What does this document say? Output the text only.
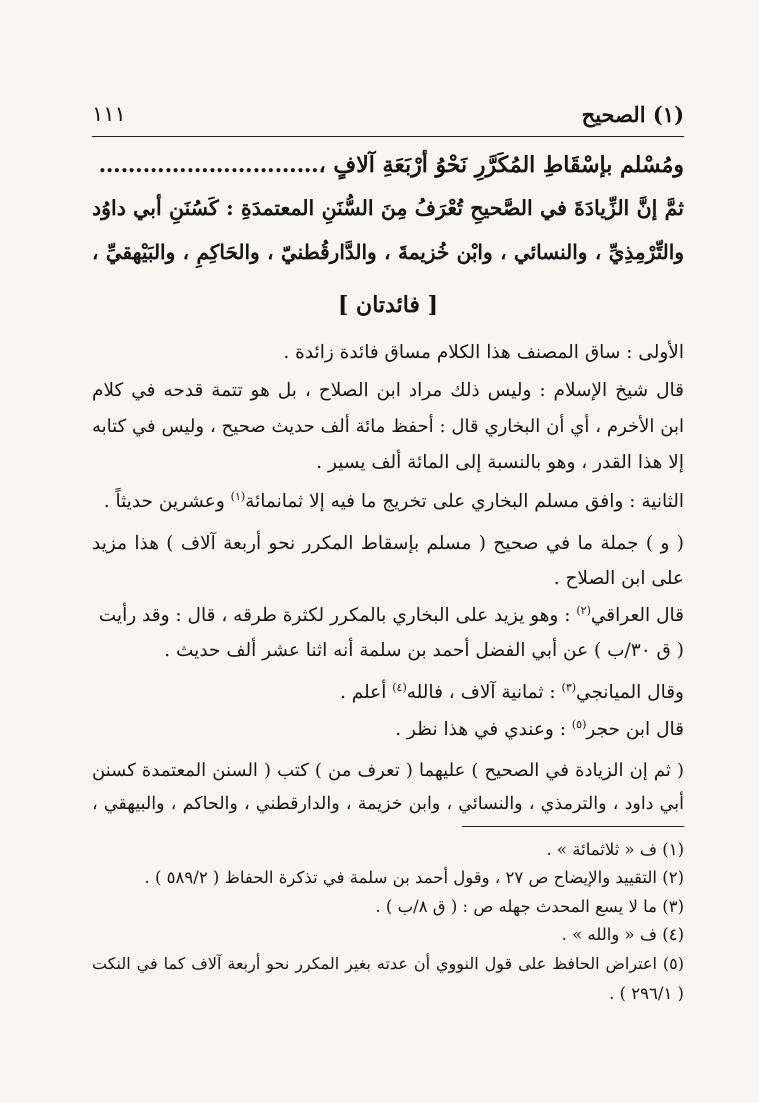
(١) الصحيح
١١١
ومُسْلم بإسْقَاطِ المُكَرَّرِ نَحْوُ أرْبَعَةِ آلافٍ ،…………………………
ثمَّ إنَّ الزِّيادَةَ في الصَّحيحِ تُعْرَفُ مِنَ السُّنَنِ المعتمدَةِ : كَسُنَنِ أبي داوُد
والتِّرْمِذِيِّ ، والنسائي ، وابْن خُزيمةَ ، والدَّارقُطنيّ ، والحَاكِمِ ، والبَيْهقيِّ ،
[ فائدتان ]
الأولى : ساق المصنف هذا الكلام مساق فائدة زائدة .
قال شيخ الإسلام : وليس ذلك مراد ابن الصلاح ، بل هو تتمة قدحه في كلام
ابن الأخرم ، أي أن البخاري قال : أحفظ مائة ألف حديث صحيح ، وليس في كتابه
إلا هذا القدر ، وهو بالنسبة إلى المائة ألف يسير .
الثانية : وافق مسلم البخاري على تخريج ما فيه إلا ثمانمائة$^{(١)}$ وعشرين حديثاً .
( و ) جملة ما في صحيح ( مسلم بإسقاط المكرر نحو أربعة آلاف ) هذا مزيد
على ابن الصلاح .
قال العراقي$^{(٢)}$ : وهو يزيد على البخاري بالمكرر لكثرة طرقه ، قال : وقد رأيت
( ق ٣٠/ب ) عن أبي الفضل أحمد بن سلمة أنه اثنا عشر ألف حديث .
وقال الميانجي$^{(٣)}$ : ثمانية آلاف ، فالله$^{(٤)}$ أعلم .
قال ابن حجر$^{(٥)}$ : وعندي في هذا نظر .
( ثم إن الزيادة في الصحيح ) عليهما ( تعرف من ) كتب ( السنن المعتمدة كسنن
أبي داود ، والترمذي ، والنسائي ، وابن خزيمة ، والدارقطني ، والحاكم ، والبيهقي ،
(١) ف « ثلاثمائة » .
(٢) التقييد والإيضاح ص ٢٧ ، وقول أحمد بن سلمة في تذكرة الحفاظ ( ٥٨٩/٢ ) .
(٣) ما لا يسع المحدث جهله ص : ( ق ٨/ب ) .
(٤) ف « والله » .
(٥) اعتراض الحافظ على قول النووي أن عدته بغير المكرر نحو أربعة آلاف كما في النكت
( ٢٩٦/١ ) .
